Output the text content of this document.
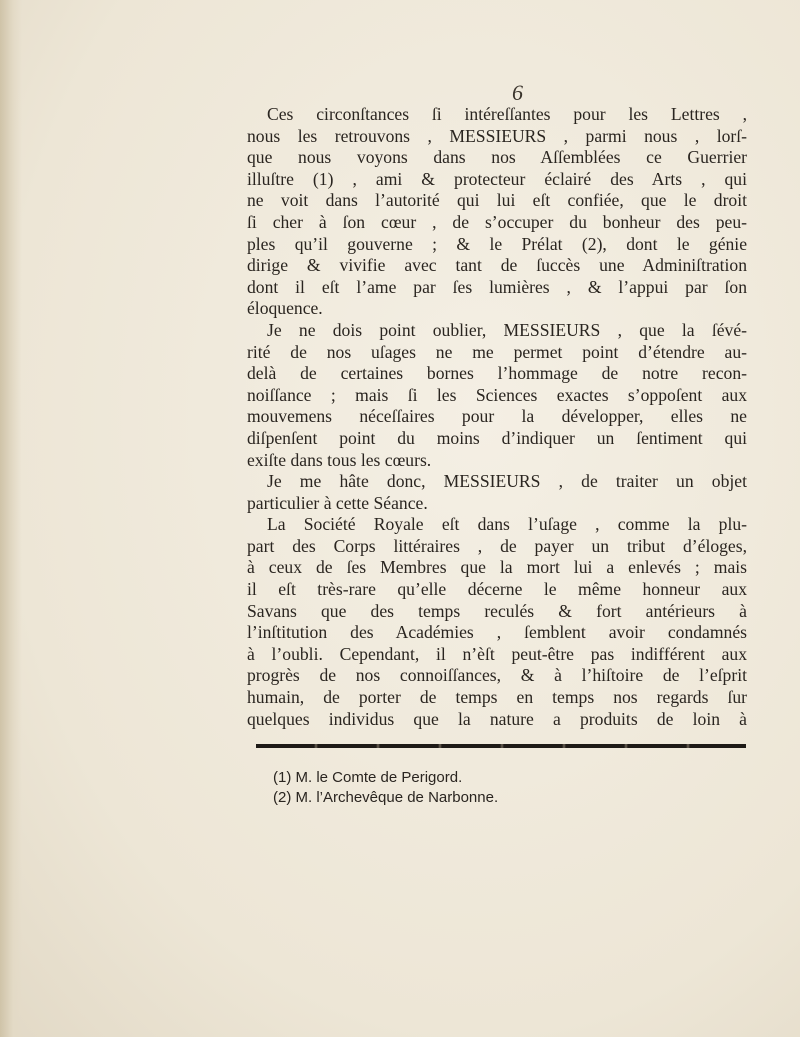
6
Ces circonſtances ſi intéreſſantes pour les Lettres ,
nous les retrouvons , MESSIEURS , parmi nous , lorſ-
que nous voyons dans nos Aſſemblées ce Guerrier
illuſtre (1) , ami & protecteur éclairé des Arts , qui
ne voit dans l’autorité qui lui eſt confiée, que le droit
ſi cher à ſon cœur , de s’occuper du bonheur des peu-
ples qu’il gouverne ; & le Prélat (2), dont le génie
dirige & vivifie avec tant de ſuccès une Adminiſtration
dont il eſt l’ame par ſes lumières , & l’appui par ſon
éloquence.
Je ne dois point oublier, MESSIEURS , que la ſévé-
rité de nos uſages ne me permet point d’étendre au-
delà de certaines bornes l’hommage de notre recon-
noiſſance ; mais ſi les Sciences exactes s’oppoſent aux
mouvemens néceſſaires pour la développer, elles ne
diſpenſent point du moins d’indiquer un ſentiment qui
exiſte dans tous les cœurs.
Je me hâte donc, MESSIEURS , de traiter un objet
particulier à cette Séance.
La Société Royale eſt dans l’uſage , comme la plu-
part des Corps littéraires , de payer un tribut d’éloges,
à ceux de ſes Membres que la mort lui a enlevés ; mais
il eſt très-rare qu’elle décerne le même honneur aux
Savans que des temps reculés & fort antérieurs à
l’inſtitution des Académies , ſemblent avoir condamnés
à l’oubli. Cependant, il n’èſt peut-être pas indifférent aux
progrès de nos connoiſſances, & à l’hiſtoire de l’eſprit
humain, de porter de temps en temps nos regards ſur
quelques individus que la nature a produits de loin à
(1) M. le Comte de Perigord.
(2) M. l’Archevêque de Narbonne.
